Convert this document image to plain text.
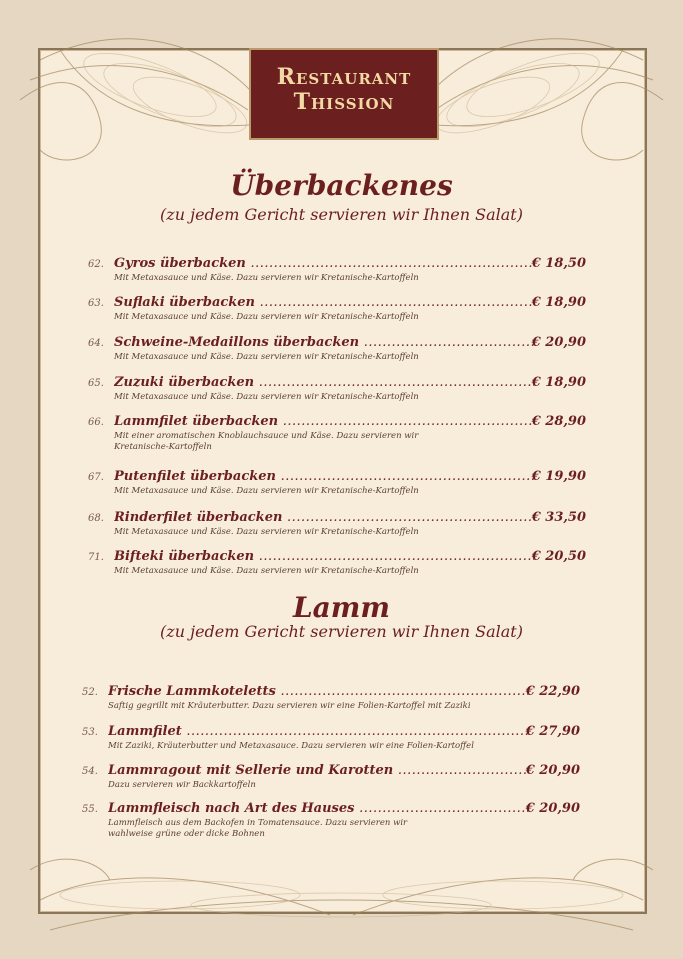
Restaurant
Thission
Überbackenes
(zu jedem Gericht servieren wir Ihnen Salat)
62. Gyros überbacken .....	€ 18,50
Mit Metaxasauce und Käse. Dazu servieren wir Kretanische-Kartoffeln
63. Suflaki überbacken .....	€ 18,90
Mit Metaxasauce und Käse. Dazu servieren wir Kretanische-Kartoffeln
64. Schweine-Medaillons überbacken .....	€ 20,90
Mit Metaxasauce und Käse. Dazu servieren wir Kretanische-Kartoffeln
65. Zuzuki überbacken .....	€ 18,90
Mit Metaxasauce und Käse. Dazu servieren wir Kretanische-Kartoffeln
66. Lammfilet überbacken .....	€ 28,90
Mit einer aromatischen Knoblauchsauce und Käse. Dazu servieren wir Kretanische-Kartoffeln
67. Putenfilet überbacken .....	€ 19,90
Mit Metaxasauce und Käse. Dazu servieren wir Kretanische-Kartoffeln
68. Rinderfilet überbacken .....	€ 33,50
Mit Metaxasauce und Käse. Dazu servieren wir Kretanische-Kartoffeln
71. Bifteki überbacken .....	€ 20,50
Mit Metaxasauce und Käse. Dazu servieren wir Kretanische-Kartoffeln
Lamm
(zu jedem Gericht servieren wir Ihnen Salat)
52. Frische Lammkoteletts .....	€ 22,90
Saftig gegrillt mit Kräuterbutter. Dazu servieren wir eine Folien-Kartoffel mit Zaziki
53. Lammfilet .....	€ 27,90
Mit Zaziki, Kräuterbutter und Metaxasauce. Dazu servieren wir eine Folien-Kartoffel
54. Lammragout mit Sellerie und Karotten .....	€ 20,90
Dazu servieren wir Backkartoffeln
55. Lammfleisch nach Art des Hauses .....	€ 20,90
Lammfleisch aus dem Backofen in Tomatensauce. Dazu servieren wir wahlweise grüne oder dicke Bohnen
